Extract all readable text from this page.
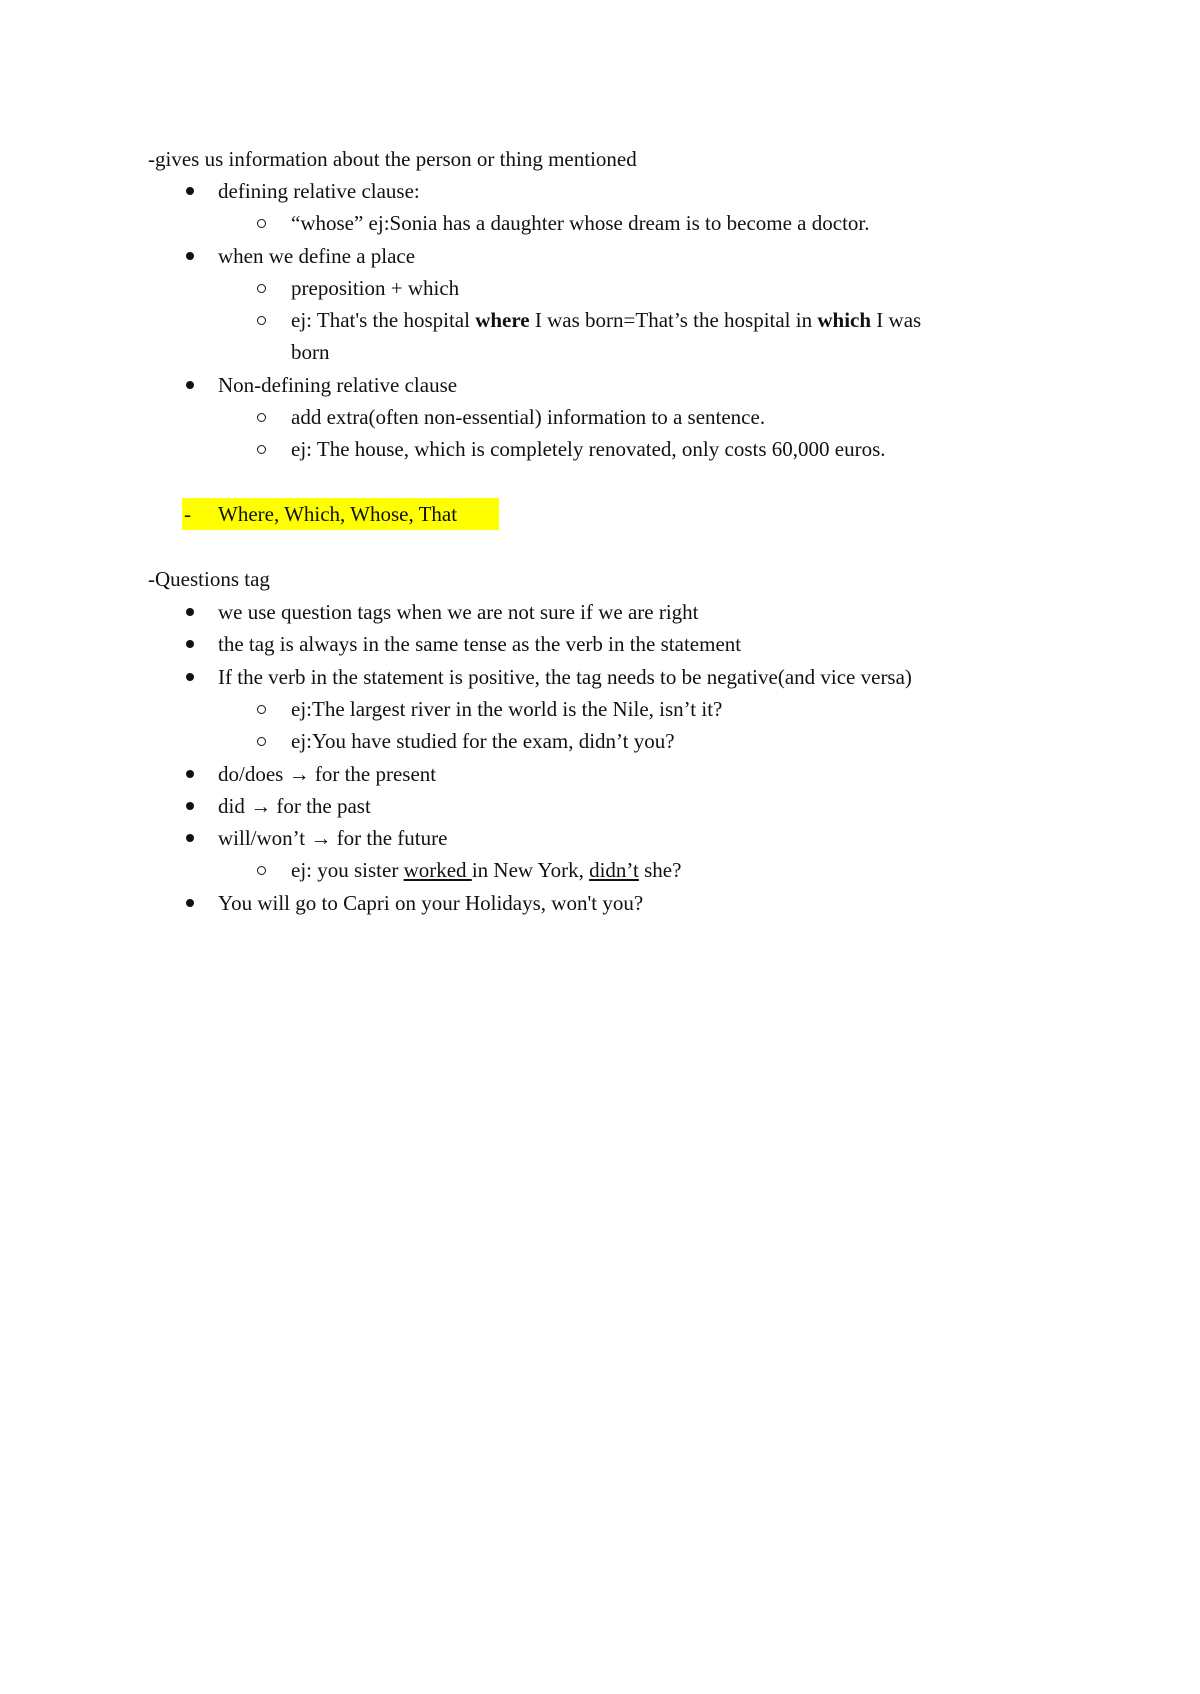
-gives us information about the person or thing mentioned
defining relative clause:
“whose” ej:Sonia has a daughter whose dream is to become a doctor.
when we define a place
preposition + which
ej: That's the hospital where I was born=That’s the hospital in which I was
born
Non-defining relative clause
add extra(often non-essential) information to a sentence.
ej: The house, which is completely renovated, only costs 60,000 euros.
- Where, Which, Whose, That
-Questions tag
we use question tags when we are not sure if we are right
the tag is always in the same tense as the verb in the statement
If the verb in the statement is positive, the tag needs to be negative(and vice versa)
ej:The largest river in the world is the Nile, isn’t it?
ej:You have studied for the exam, didn’t you?
do/does → for the present
did → for the past
will/won’t → for the future
ej: you sister worked in New York, didn’t she?
You will go to Capri on your Holidays, won't you?
